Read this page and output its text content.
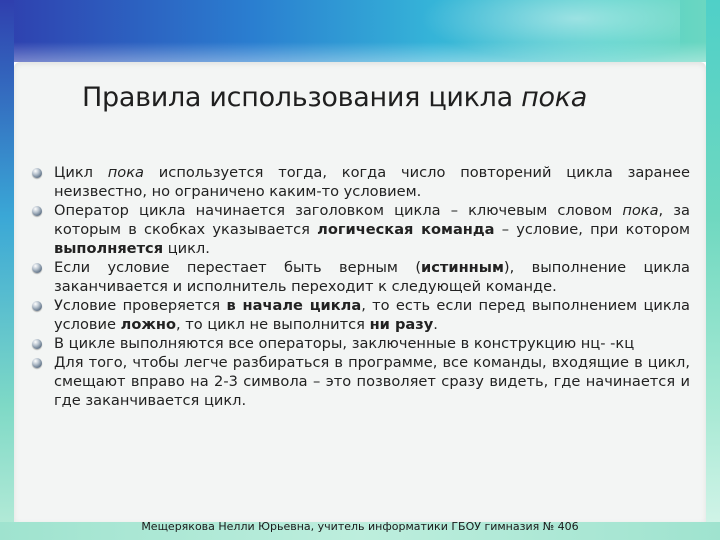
Правила использования цикла пока
Цикл пока используется тогда, когда число повторений цикла заранее неизвестно, но ограничено каким-то условием.
Оператор цикла начинается заголовком цикла – ключевым словом пока, за которым в скобках указывается логическая команда – условие, при котором выполняется цикл.
Если условие перестает быть верным (истинным), выполнение цикла заканчивается и исполнитель переходит к следующей команде.
Условие проверяется в начале цикла, то есть если перед выполнением цикла условие ложно, то цикл не выполнится ни разу.
В цикле выполняются все операторы, заключенные в конструкцию нц- -кц
Для того, чтобы легче разбираться в программе, все команды, входящие в цикл, смещают вправо на 2-3 символа – это позволяет сразу видеть, где начинается и где заканчивается цикл.
Мещерякова Нелли Юрьевна, учитель информатики ГБОУ гимназия № 406
